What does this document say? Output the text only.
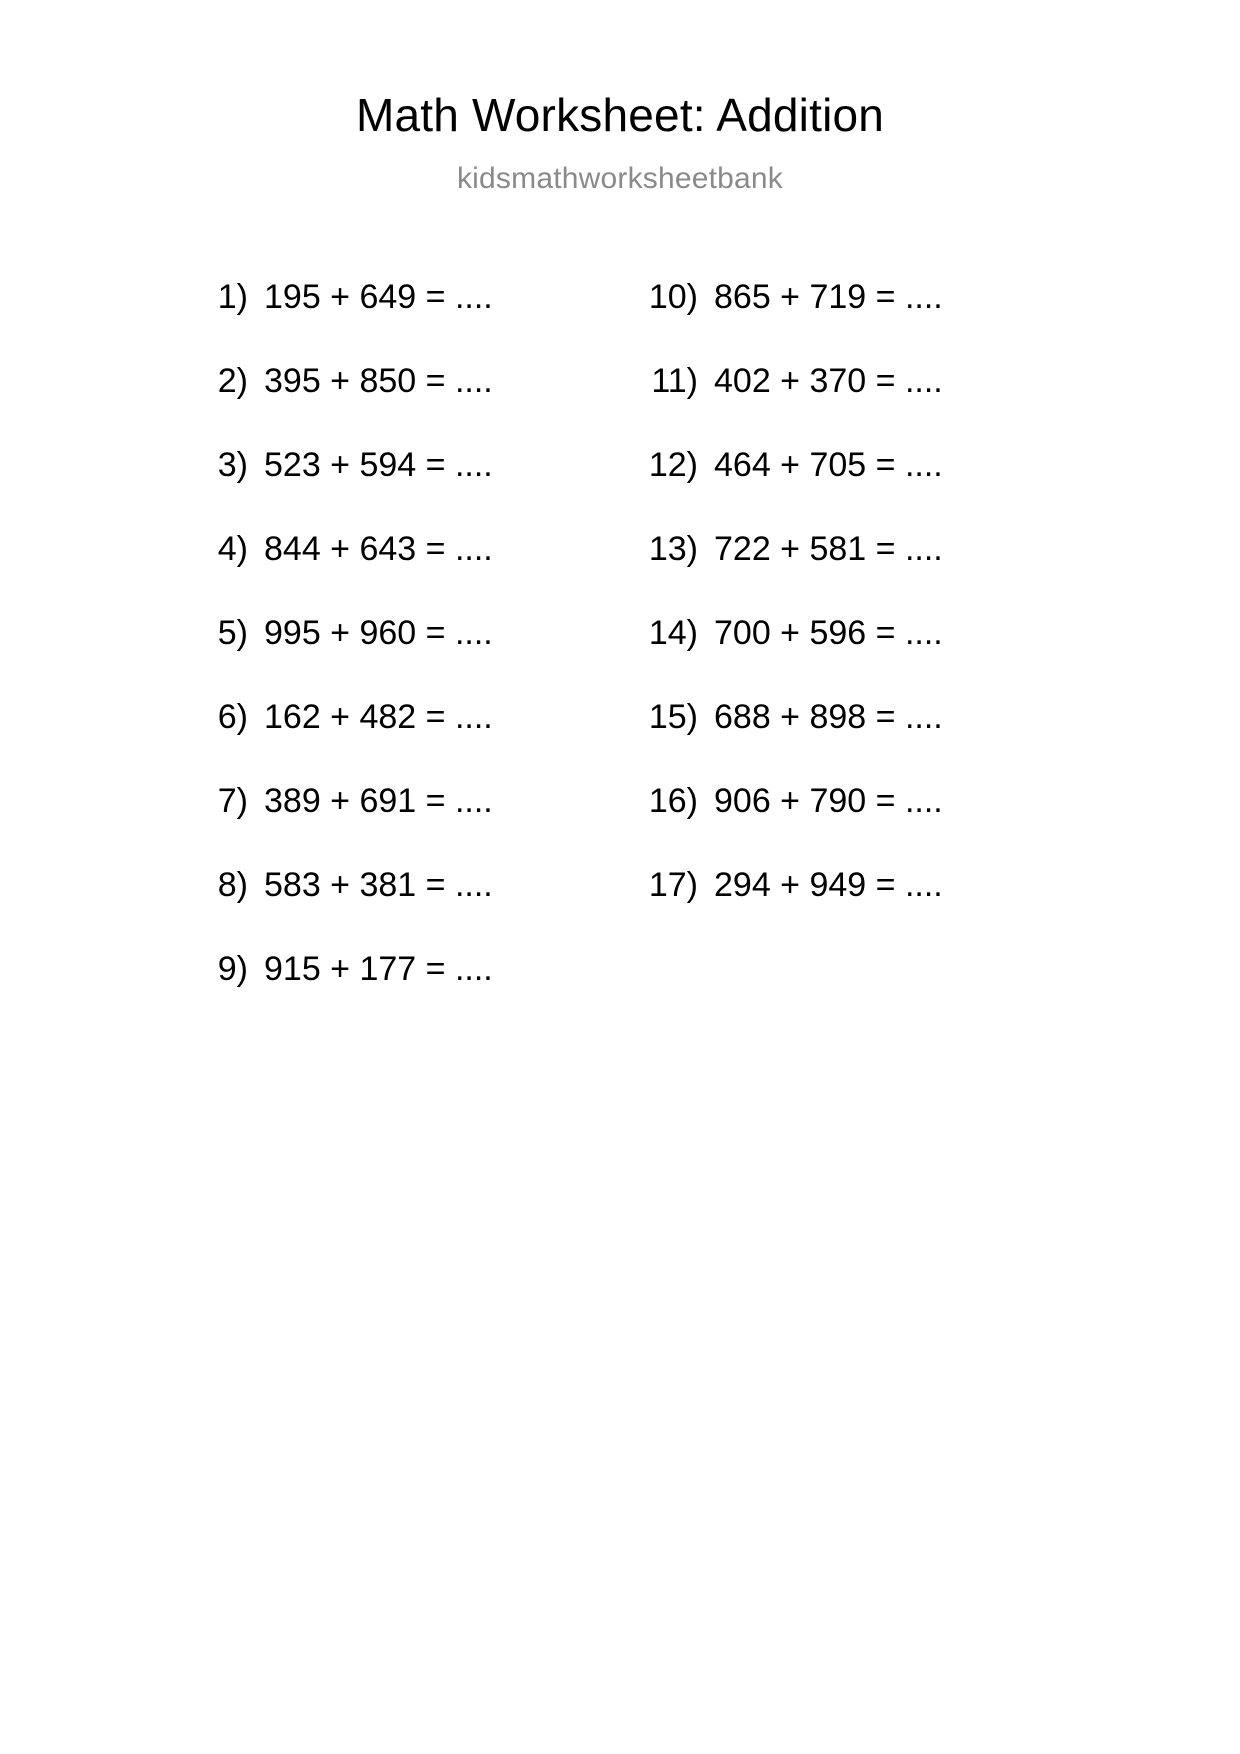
Math Worksheet: Addition
kidsmathworksheetbank
1) 195 + 649 = ....
2) 395 + 850 = ....
3) 523 + 594 = ....
4) 844 + 643 = ....
5) 995 + 960 = ....
6) 162 + 482 = ....
7) 389 + 691 = ....
8) 583 + 381 = ....
9) 915 + 177 = ....
10) 865 + 719 = ....
11) 402 + 370 = ....
12) 464 + 705 = ....
13) 722 + 581 = ....
14) 700 + 596 = ....
15) 688 + 898 = ....
16) 906 + 790 = ....
17) 294 + 949 = ....
